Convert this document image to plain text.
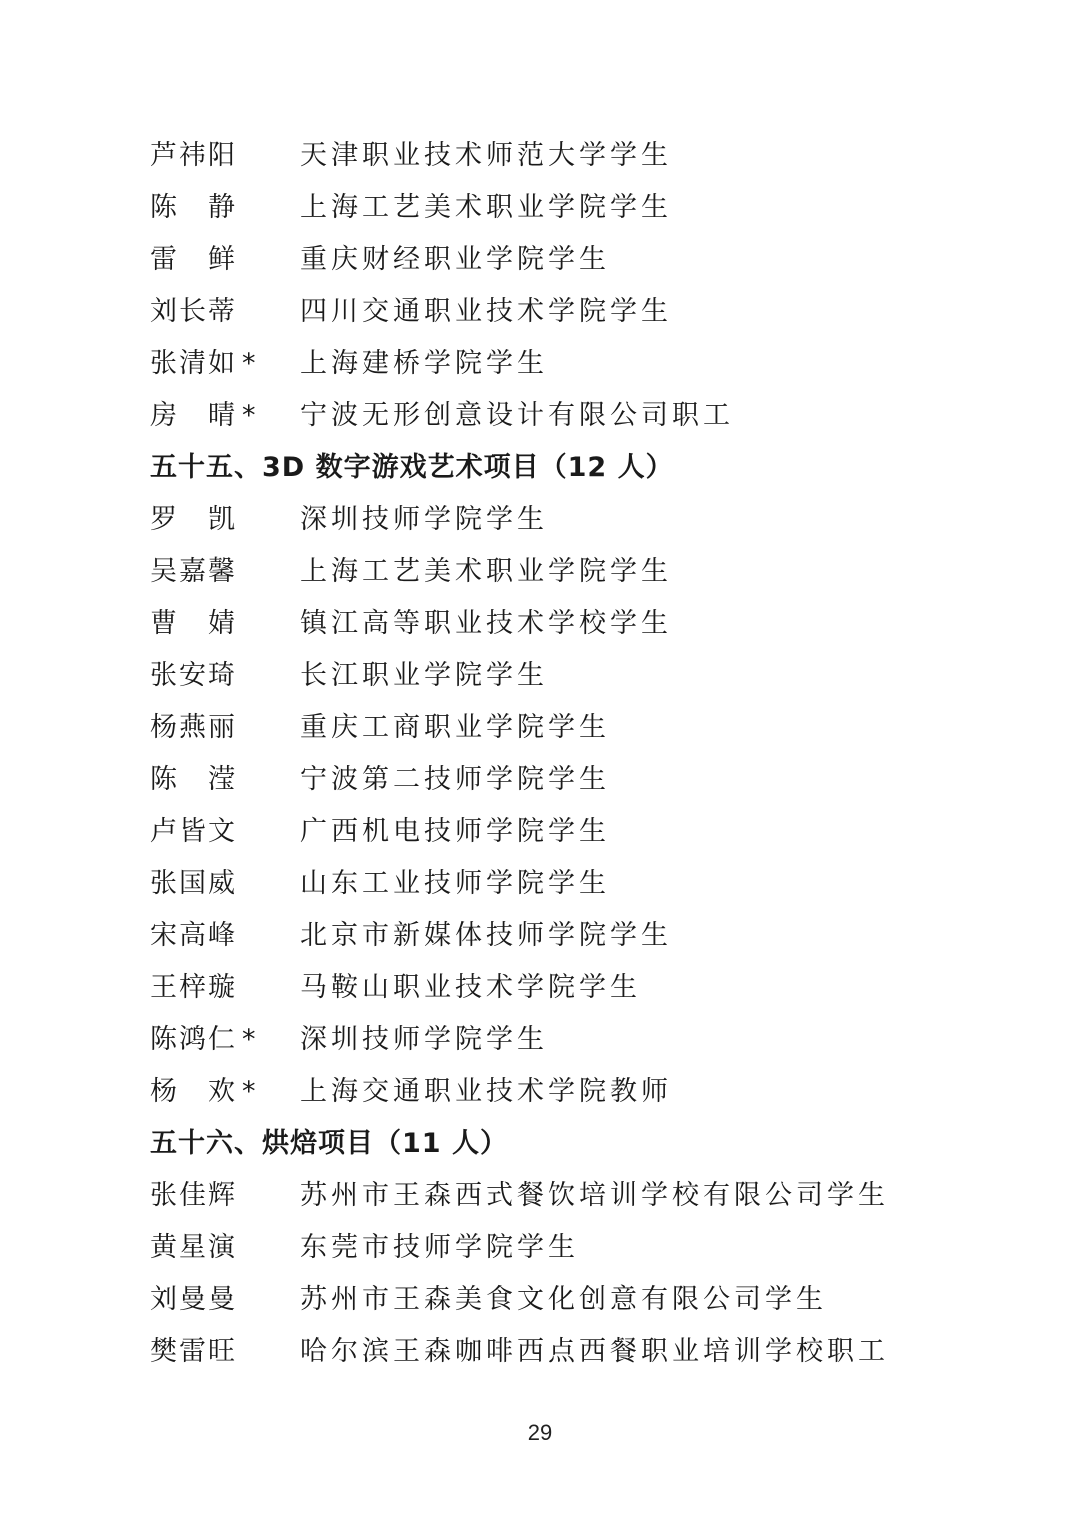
芦祎阳	天津职业技术师范大学学生
陈　静	上海工艺美术职业学院学生
雷　鲜	重庆财经职业学院学生
刘长蒂	四川交通职业技术学院学生
张清如 * 上海建桥学院学生
房　晴 * 宁波无形创意设计有限公司职工
五十五、3D 数字游戏艺术项目（12 人）
罗　凯	深圳技师学院学生
吴嘉馨	上海工艺美术职业学院学生
曹　婧	镇江高等职业技术学校学生
张安琦	长江职业学院学生
杨燕丽	重庆工商职业学院学生
陈　滢	宁波第二技师学院学生
卢皆文	广西机电技师学院学生
张国威	山东工业技师学院学生
宋高峰	北京市新媒体技师学院学生
王梓璇	马鞍山职业技术学院学生
陈鸿仁 * 深圳技师学院学生
杨　欢 * 上海交通职业技术学院教师
五十六、烘焙项目（11 人）
张佳辉	苏州市王森西式餐饮培训学校有限公司学生
黄星演	东莞市技师学院学生
刘曼曼	苏州市王森美食文化创意有限公司学生
樊雷旺	哈尔滨王森咖啡西点西餐职业培训学校职工
29
